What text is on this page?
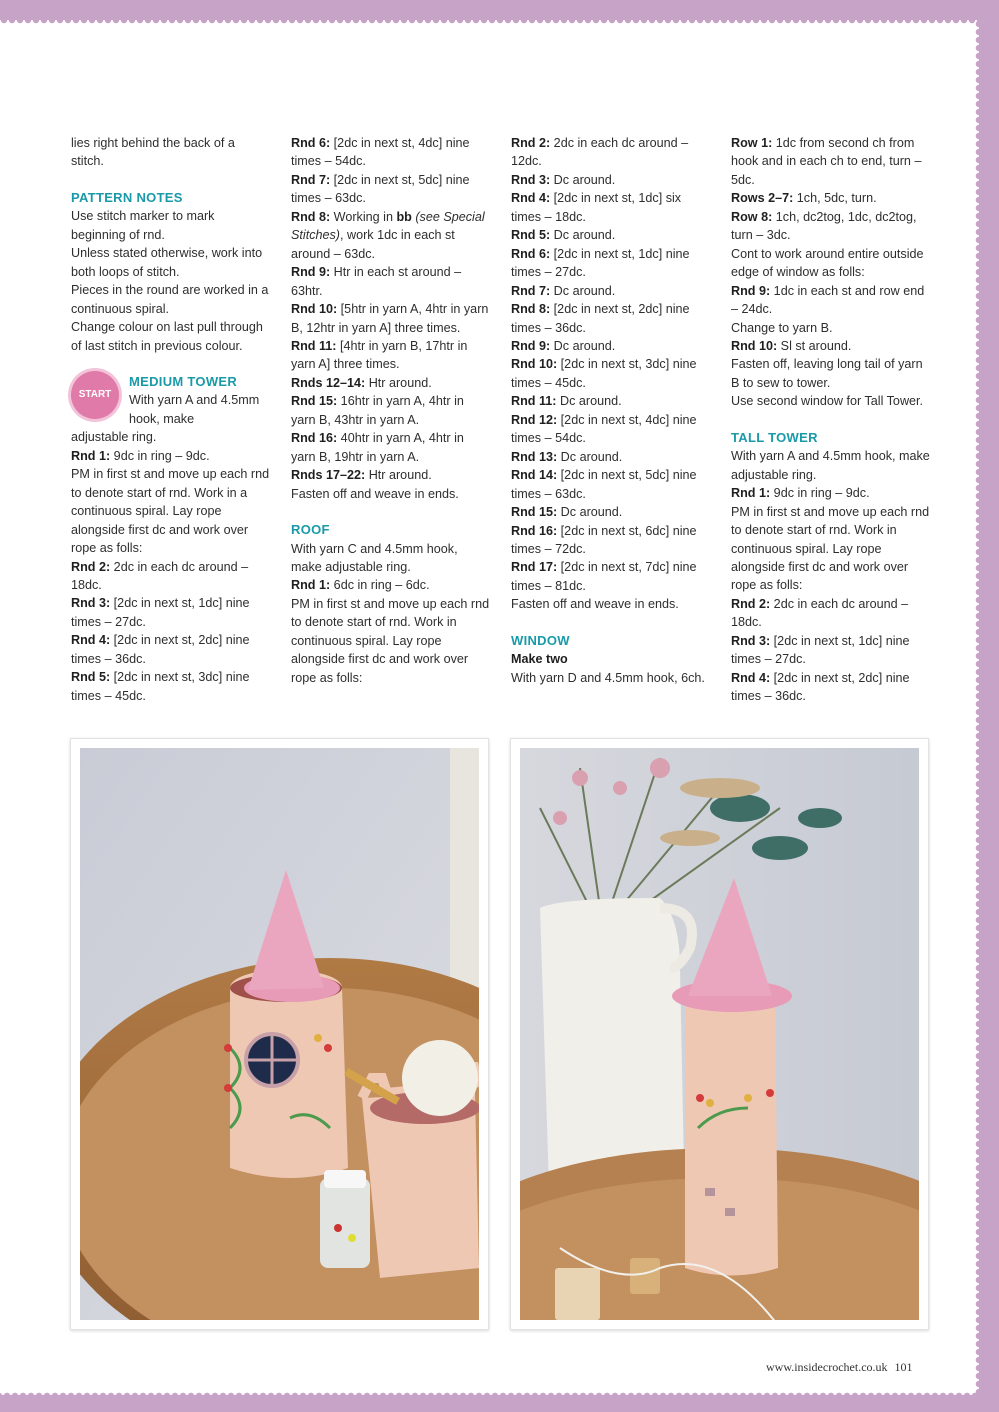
lies right behind the back of a stitch.

PATTERN NOTES

Use stitch marker to mark beginning of rnd.

Unless stated otherwise, work into both loops of stitch.

Pieces in the round are worked in a continuous spiral.

Change colour on last pull through of last stitch in previous colour.

START

MEDIUM TOWER

With yarn A and 4.5mm hook, make

adjustable ring.

Rnd 1: 9dc in ring – 9dc.

PM in first st and move up each rnd to denote start of rnd. Work in a continuous spiral. Lay rope alongside first dc and work over rope as folls:

Rnd 2: 2dc in each dc around – 18dc.

Rnd 3: [2dc in next st, 1dc] nine times – 27dc.

Rnd 4: [2dc in next st, 2dc] nine times – 36dc.

Rnd 5: [2dc in next st, 3dc] nine times – 45dc.

Rnd 6: [2dc in next st, 4dc] nine times – 54dc.

Rnd 7: [2dc in next st, 5dc] nine times – 63dc.

Rnd 8: Working in bb (see Special Stitches), work 1dc in each st around – 63dc.

Rnd 9: Htr in each st around – 63htr.

Rnd 10: [5htr in yarn A, 4htr in yarn B, 12htr in yarn A] three times.

Rnd 11: [4htr in yarn B, 17htr in yarn A] three times.

Rnds 12–14: Htr around.

Rnd 15: 16htr in yarn A, 4htr in yarn B, 43htr in yarn A.

Rnd 16: 40htr in yarn A, 4htr in yarn B, 19htr in yarn A.

Rnds 17–22: Htr around.

Fasten off and weave in ends.

ROOF

With yarn C and 4.5mm hook, make adjustable ring.

Rnd 1: 6dc in ring – 6dc.

PM in first st and move up each rnd to denote start of rnd. Work in continuous spiral. Lay rope alongside first dc and work over rope as folls:

Rnd 2: 2dc in each dc around – 12dc.

Rnd 3: Dc around.

Rnd 4: [2dc in next st, 1dc] six times – 18dc.

Rnd 5: Dc around.

Rnd 6: [2dc in next st, 1dc] nine times – 27dc.

Rnd 7: Dc around.

Rnd 8: [2dc in next st, 2dc] nine times – 36dc.

Rnd 9: Dc around.

Rnd 10: [2dc in next st, 3dc] nine times – 45dc.

Rnd 11: Dc around.

Rnd 12: [2dc in next st, 4dc] nine times – 54dc.

Rnd 13: Dc around.

Rnd 14: [2dc in next st, 5dc] nine times – 63dc.

Rnd 15: Dc around.

Rnd 16: [2dc in next st, 6dc] nine times – 72dc.

Rnd 17: [2dc in next st, 7dc] nine times – 81dc.

Fasten off and weave in ends.

WINDOW

Make two

With yarn D and 4.5mm hook, 6ch.

Row 1: 1dc from second ch from hook and in each ch to end, turn – 5dc.

Rows 2–7: 1ch, 5dc, turn.

Row 8: 1ch, dc2tog, 1dc, dc2tog, turn – 3dc.

Cont to work around entire outside edge of window as folls:

Rnd 9: 1dc in each st and row end – 24dc.

Change to yarn B.

Rnd 10: Sl st around.

Fasten off, leaving long tail of yarn B to sew to tower.

Use second window for Tall Tower.

TALL TOWER

With yarn A and 4.5mm hook, make adjustable ring.

Rnd 1: 9dc in ring – 9dc.

PM in first st and move up each rnd to denote start of rnd. Work in continuous spiral. Lay rope alongside first dc and work over rope as folls:

Rnd 2: 2dc in each dc around – 18dc.

Rnd 3: [2dc in next st, 1dc] nine times – 27dc.

Rnd 4: [2dc in next st, 2dc] nine times – 36dc.

www.insidecrochet.co.uk 101
